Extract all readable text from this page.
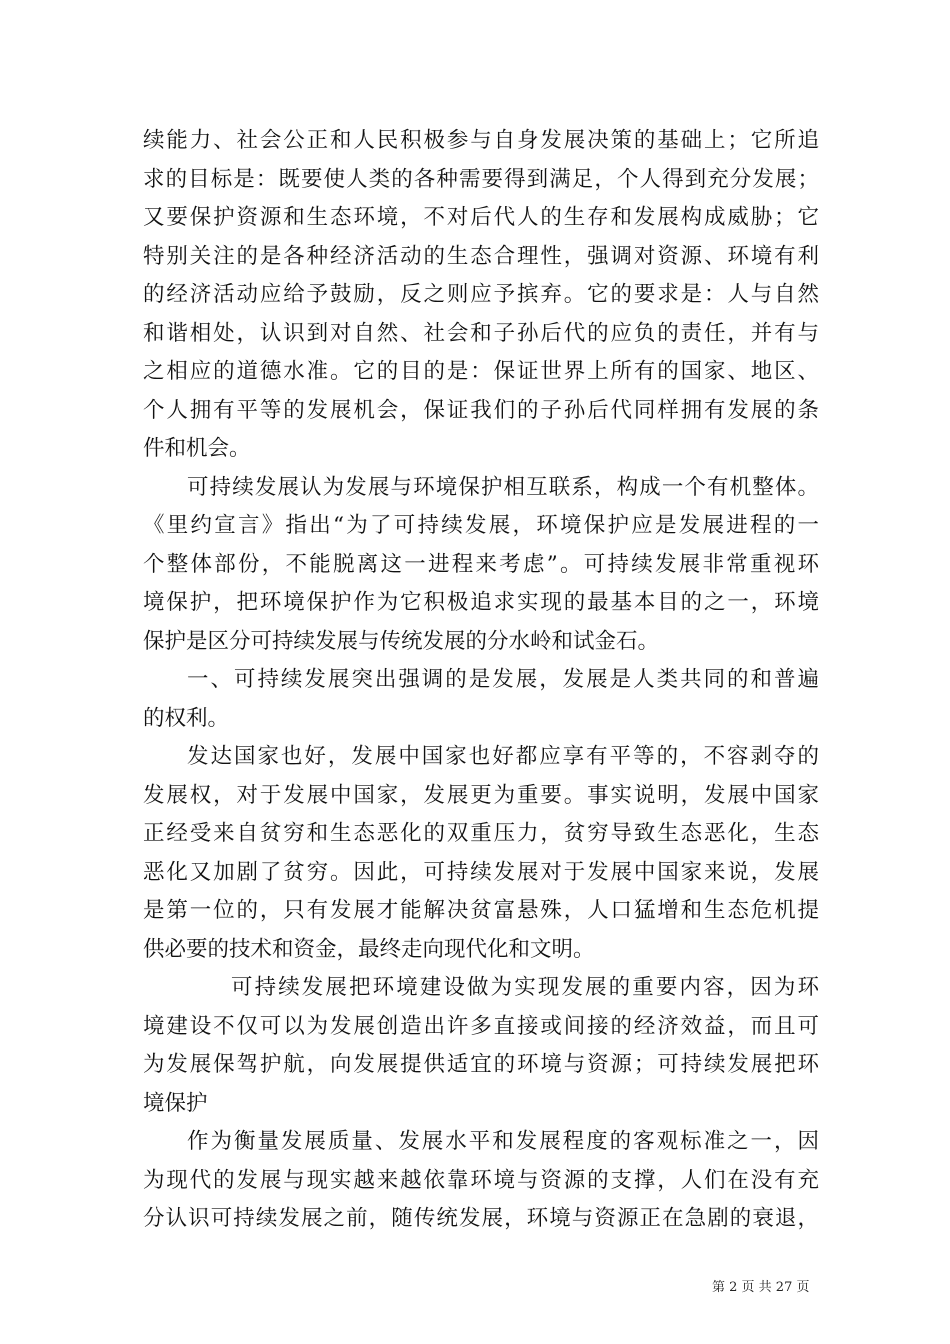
续能力、社会公正和人民积极参与自身发展决策的基础上；它所追
求的目标是：既要使人类的各种需要得到满足，个人得到充分发展；
又要保护资源和生态环境，不对后代人的生存和发展构成威胁；它
特别关注的是各种经济活动的生态合理性，强调对资源、环境有利
的经济活动应给予鼓励，反之则应予摈弃。它的要求是：人与自然
和谐相处，认识到对自然、社会和子孙后代的应负的责任，并有与
之相应的道德水准。它的目的是：保证世界上所有的国家、地区、
个人拥有平等的发展机会，保证我们的子孙后代同样拥有发展的条
件和机会。
可持续发展认为发展与环境保护相互联系，构成一个有机整体。
《里约宣言》指出“为了可持续发展，环境保护应是发展进程的一
个整体部份，不能脱离这一进程来考虑”。可持续发展非常重视环
境保护，把环境保护作为它积极追求实现的最基本目的之一，环境
保护是区分可持续发展与传统发展的分水岭和试金石。
一、可持续发展突出强调的是发展，发展是人类共同的和普遍
的权利。
发达国家也好，发展中国家也好都应享有平等的，不容剥夺的
发展权，对于发展中国家，发展更为重要。事实说明，发展中国家
正经受来自贫穷和生态恶化的双重压力，贫穷导致生态恶化，生态
恶化又加剧了贫穷。因此，可持续发展对于发展中国家来说，发展
是第一位的，只有发展才能解决贫富悬殊，人口猛增和生态危机提
供必要的技术和资金，最终走向现代化和文明。
可持续发展把环境建设做为实现发展的重要内容，因为环
境建设不仅可以为发展创造出许多直接或间接的经济效益，而且可
为发展保驾护航，向发展提供适宜的环境与资源；可持续发展把环
境保护
作为衡量发展质量、发展水平和发展程度的客观标准之一，因
为现代的发展与现实越来越依靠环境与资源的支撑，人们在没有充
分认识可持续发展之前，随传统发展，环境与资源正在急剧的衰退，
第 2 页 共 27 页
